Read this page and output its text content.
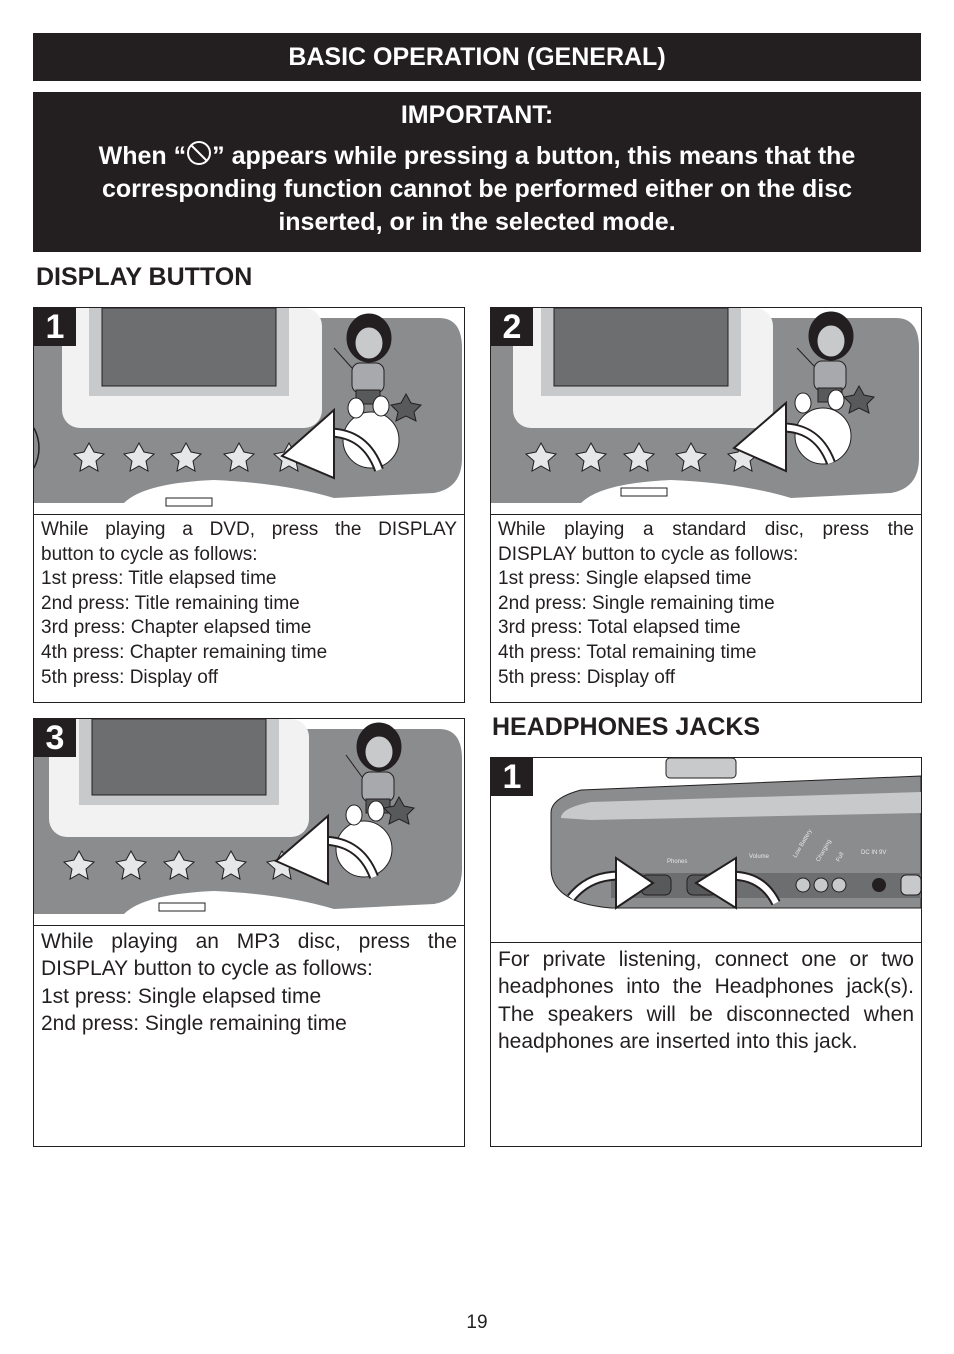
BASIC OPERATION (GENERAL)
IMPORTANT:
When “ ” appears while pressing a button, this means that the corresponding function cannot be performed either on the disc inserted, or in the selected mode.
DISPLAY BUTTON
1
While playing a DVD, press the DISPLAY
button to cycle as follows:
1st press: Title elapsed time
2nd press: Title remaining time
3rd press: Chapter elapsed time
4th press: Chapter remaining time
5th press: Display off
2
While playing a standard disc, press the
DISPLAY button to cycle as follows:
1st press: Single elapsed time
2nd press: Single remaining time
3rd press: Total elapsed time
4th press: Total remaining time
5th press: Display off
3
While playing an MP3 disc, press the
DISPLAY button to cycle as follows:
1st press: Single elapsed time
2nd press: Single remaining time
HEADPHONES JACKS
Phones
Volume	Low Battery Charging Full	DC IN 9V
1
For private listening, connect one or two headphones into the Headphones jack(s). The speakers will be disconnected when headphones are inserted into this jack.
19
